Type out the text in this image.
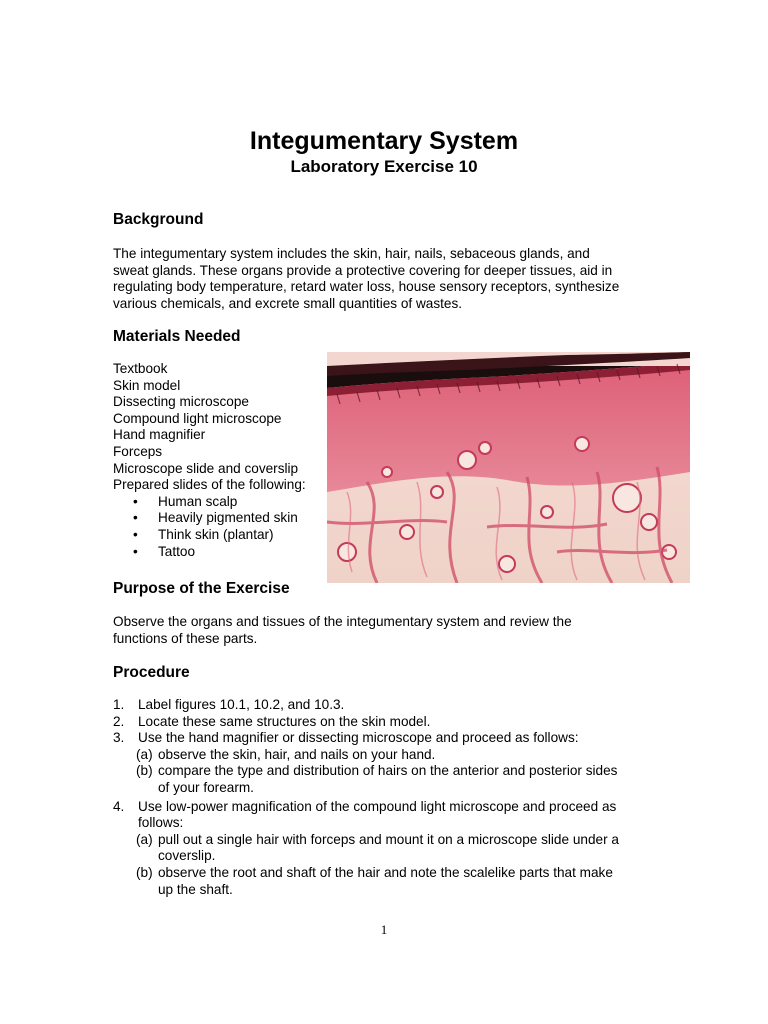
Integumentary System
Laboratory Exercise 10
Background
The integumentary system includes the skin, hair, nails, sebaceous glands, and
sweat glands. These organs provide a protective covering for deeper tissues, aid in
regulating body temperature, retard water loss, house sensory receptors, synthesize
various chemicals, and excrete small quantities of wastes.
Materials Needed
Textbook
Skin model
Dissecting microscope
Compound light microscope
Hand magnifier
Forceps
Microscope slide and coverslip
Prepared slides of the following:
• Human scalp
• Heavily pigmented skin
• Think skin (plantar)
• Tattoo
Purpose of the Exercise
Observe the organs and tissues of the integumentary system and review the
functions of these parts.
Procedure
1.	Label figures 10.1, 10.2, and 10.3.
2.	Locate these same structures on the skin model.
3.	Use the hand magnifier or dissecting microscope and proceed as follows:
(a) observe the skin, hair, and nails on your hand.
(b) compare the type and distribution of hairs on the anterior and posterior sides
of your forearm.
4.	Use low-power magnification of the compound light microscope and proceed as
follows:
(a) pull out a single hair with forceps and mount it on a microscope slide under a
coverslip.
(b) observe the root and shaft of the hair and note the scalelike parts that make
up the shaft.
1
